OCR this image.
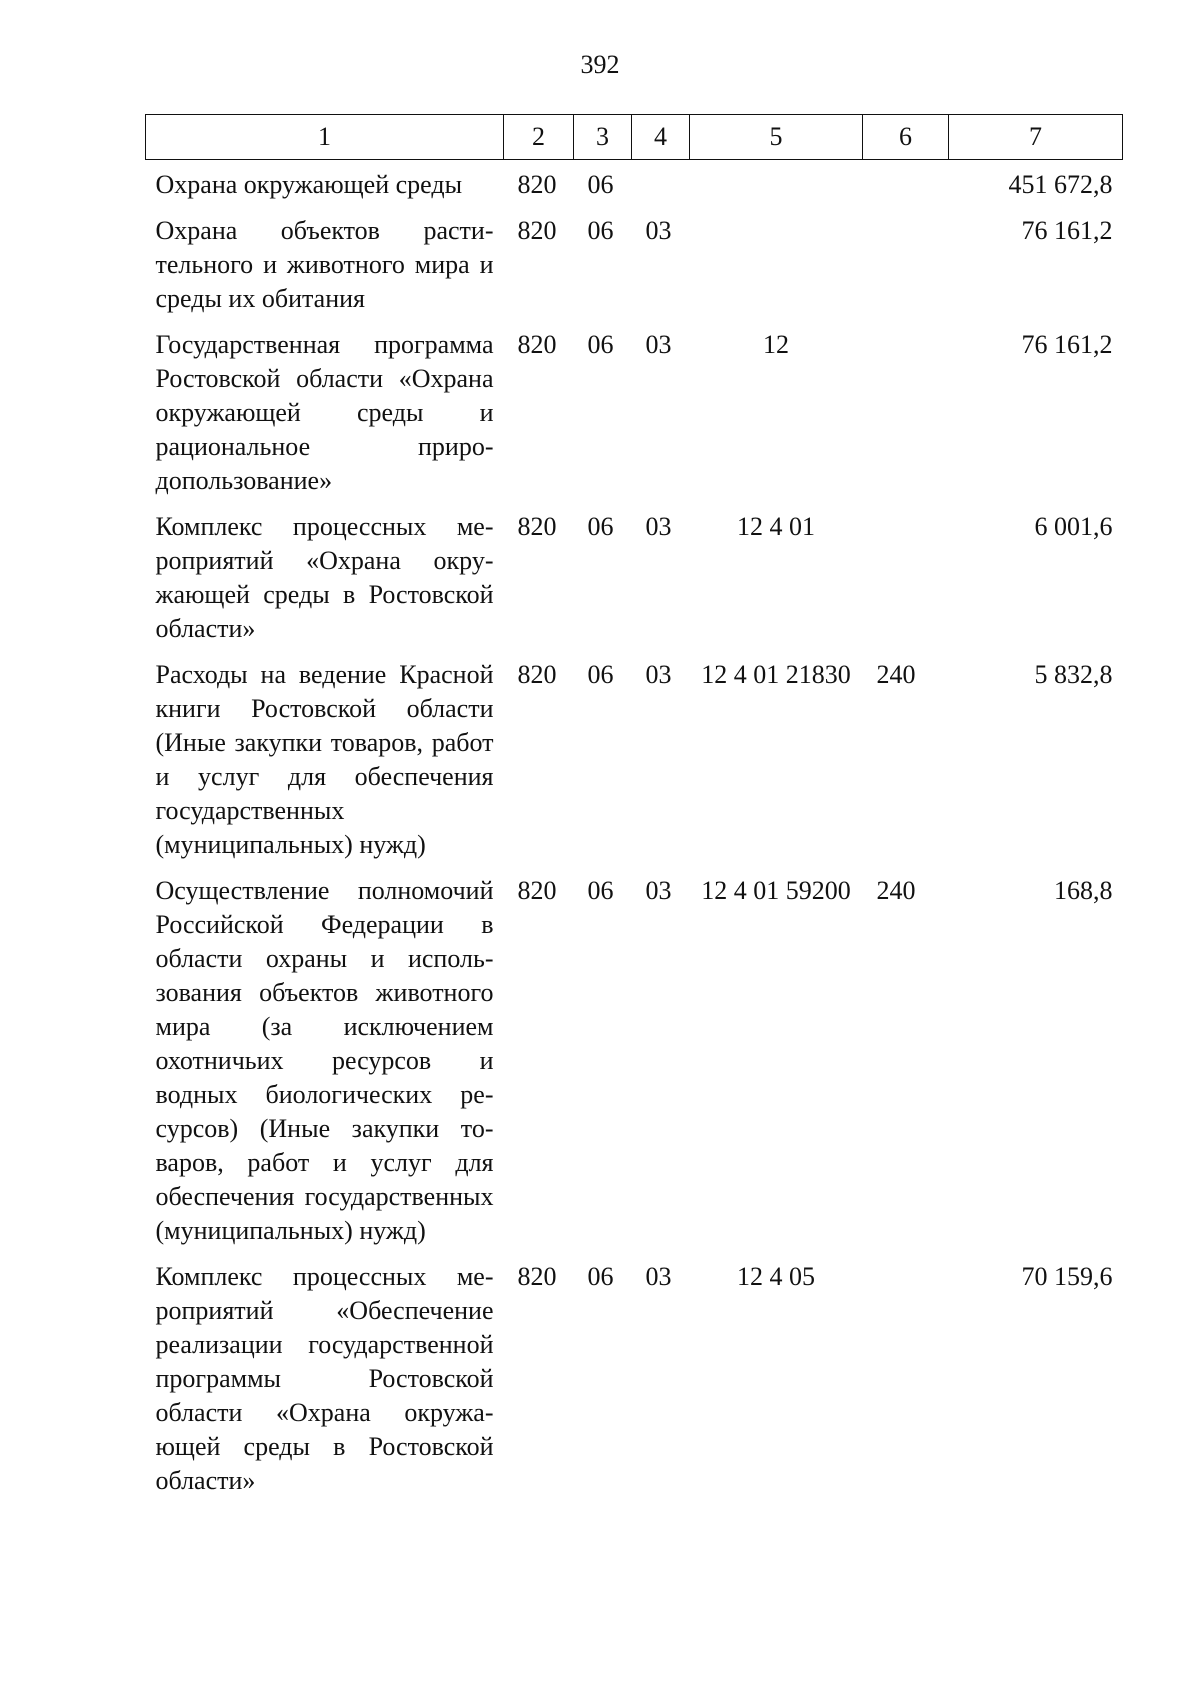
392
1	2	3	4	5	6	7
Охрана окружающей среды	820	06				451 672,8
Охрана объектов растительного и животного мира и среды их обитания	820	06	03			76 161,2
Государственная программа Ростовской области «Охрана окружающей среды и рациональное природопользование»	820	06	03	12		76 161,2
Комплекс процессных мероприятий «Охрана окружающей среды в Ростовской области»	820	06	03	12 4 01		6 001,6
Расходы на ведение Красной книги Ростовской области (Иные закупки товаров, работ и услуг для обеспечения государственных (муниципальных) нужд)	820	06	03	12 4 01 21830	240	5 832,8
Осуществление полномочий Российской Федерации в области охраны и использования объектов животного мира (за исключением охотничьих ресурсов и водных биологических ресурсов) (Иные закупки товаров, работ и услуг для обеспечения государственных (муниципальных) нужд)	820	06	03	12 4 01 59200	240	168,8
Комплекс процессных мероприятий «Обеспечение реализации государственной программы Ростовской области «Охрана окружающей среды в Ростовской области»	820	06	03	12 4 05		70 159,6
